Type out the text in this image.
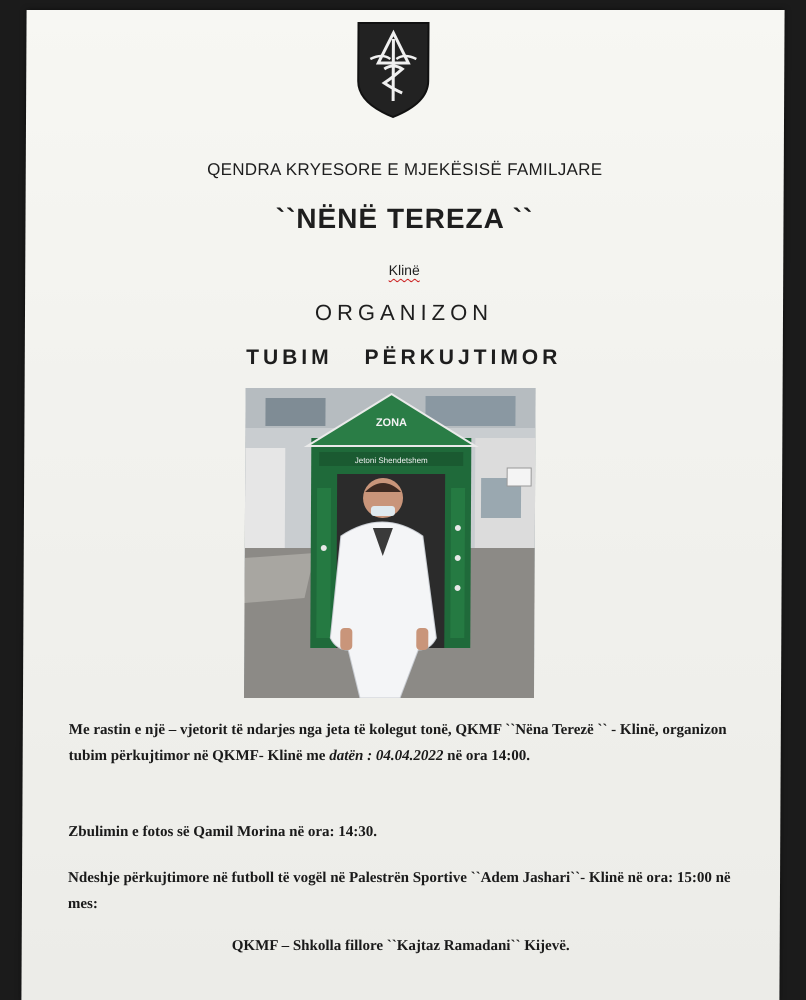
QENDRA KRYESORE E MJEKËSISË FAMILJARE
``NËNË TEREZA ``
Klinë
ORGANIZON
TUBIM PËRKUJTIMOR
ZONA
Jetoni Shendetshem
Me rastin e një – vjetorit të ndarjes nga jeta të kolegut tonë, QKMF ``Nëna Terezë `` - Klinë, organizon tubim përkujtimor në QKMF- Klinë me datën : 04.04.2022 në ora 14:00.
Zbulimin e fotos së Qamil Morina në ora: 14:30.
Ndeshje përkujtimore në futboll të vogël në Palestrën Sportive ``Adem Jashari``- Klinë në ora: 15:00 në mes:
QKMF – Shkolla fillore ``Kajtaz Ramadani`` Kijevë.
